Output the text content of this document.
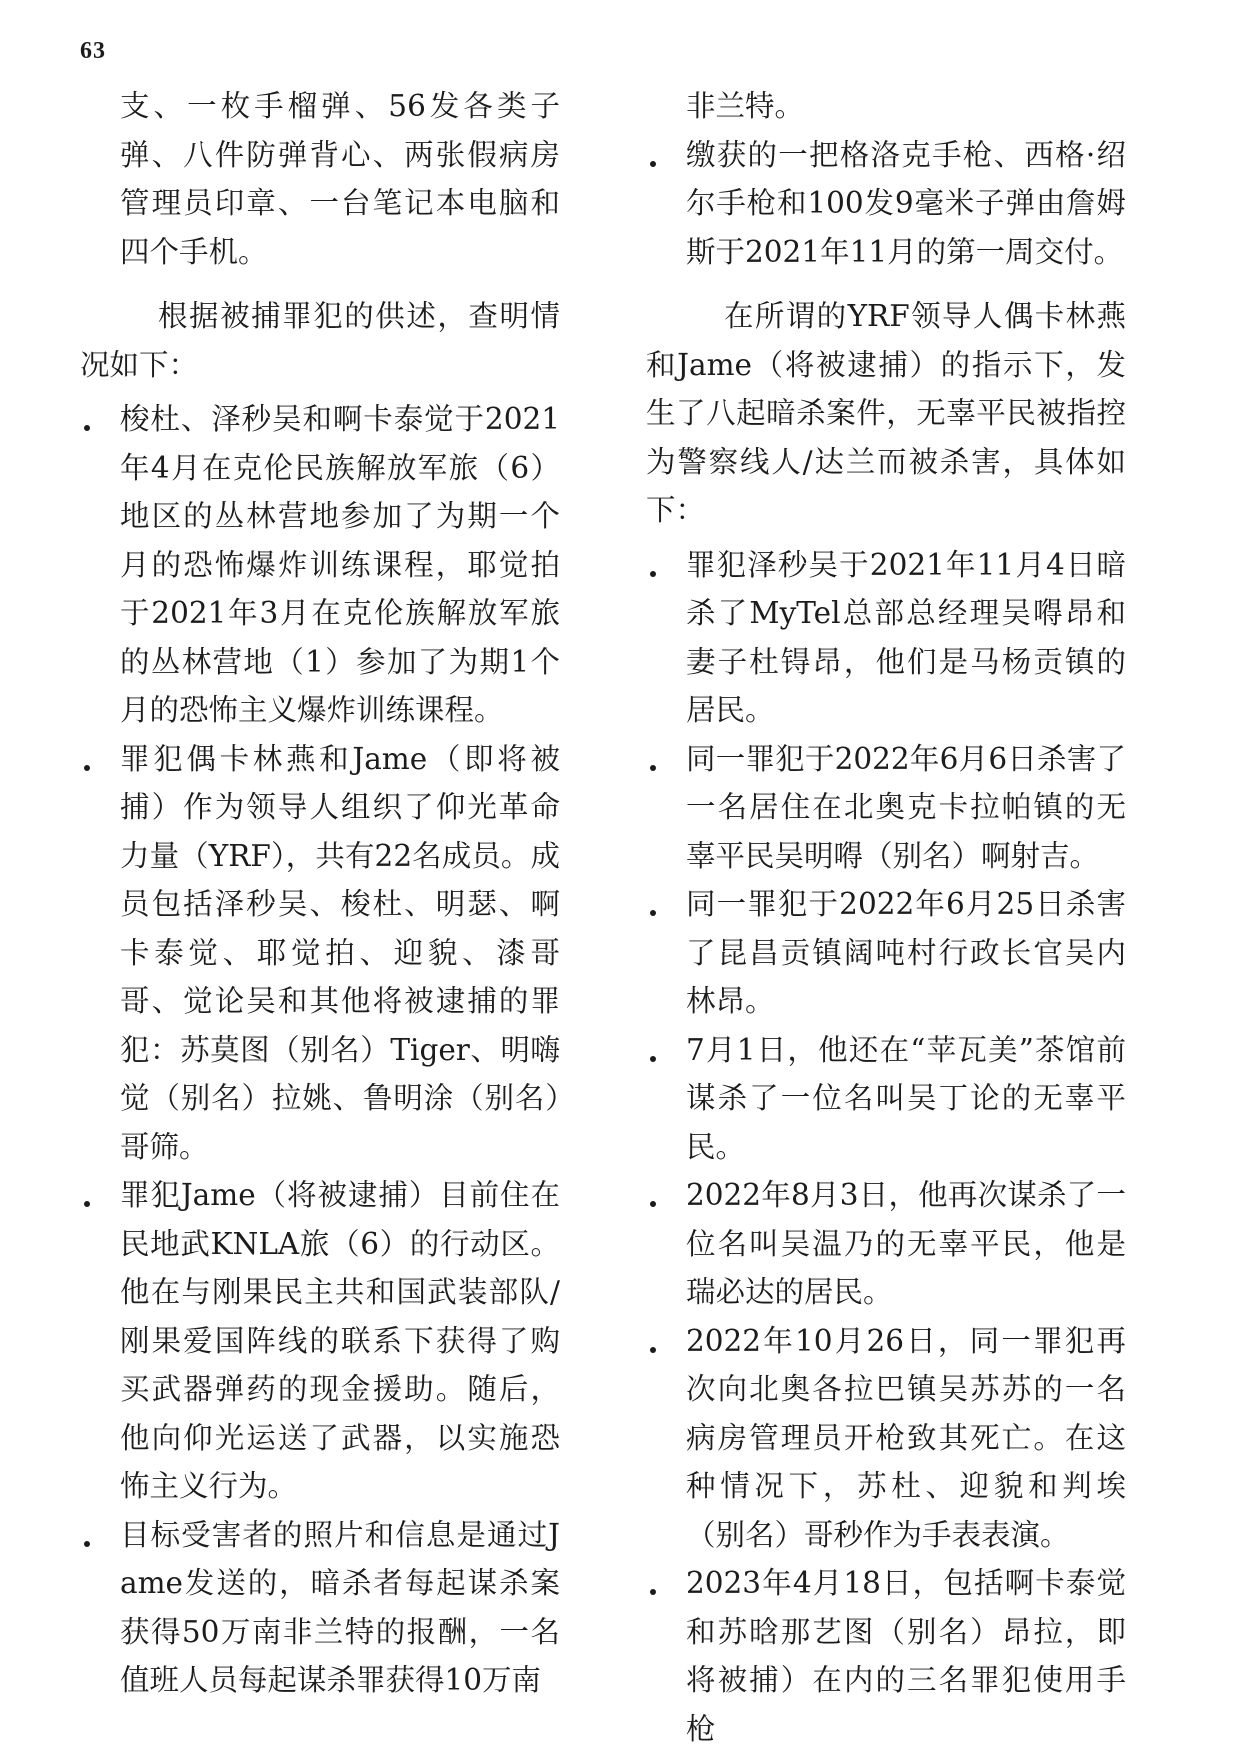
63

支、一枚手榴弹、56发各类子弹、八件防弹背心、两张假病房管理员印章、一台笔记本电脑和四个手机。

根据被捕罪犯的供述，查明情况如下：

梭杜、泽秒吴和啊卡泰觉于2021年4月在克伦民族解放军旅（6）地区的丛林营地参加了为期一个月的恐怖爆炸训练课程，耶觉拍于2021年3月在克伦族解放军旅的丛林营地（1）参加了为期1个月的恐怖主义爆炸训练课程。
罪犯偶卡林燕和Jame（即将被捕）作为领导人组织了仰光革命力量（YRF），共有22名成员。成员包括泽秒吴、梭杜、明瑟、啊卡泰觉、耶觉拍、迎貌、漆哥哥、觉论吴和其他将被逮捕的罪犯：苏莫图（别名）Tiger、明嗨觉（别名）拉姚、鲁明涂（别名）哥筛。
罪犯Jame（将被逮捕）目前住在民地武KNLA旅（6）的行动区。他在与刚果民主共和国武装部队/刚果爱国阵线的联系下获得了购买武器弹药的现金援助。随后，他向仰光运送了武器，以实施恐怖主义行为。
目标受害者的照片和信息是通过Jame发送的，暗杀者每起谋杀案获得50万南非兰特的报酬，一名值班人员每起谋杀罪获得10万南

非兰特。

缴获的一把格洛克手枪、西格·绍尔手枪和100发9毫米子弹由詹姆斯于2021年11月的第一周交付。

在所谓的YRF领导人偶卡林燕和Jame（将被逮捕）的指示下，发生了八起暗杀案件，无辜平民被指控为警察线人/达兰而被杀害，具体如下：

罪犯泽秒吴于2021年11月4日暗杀了MyTel总部总经理吴嘚昂和妻子杜锝昂，他们是马杨贡镇的居民。
同一罪犯于2022年6月6日杀害了一名居住在北奥克卡拉帕镇的无辜平民吴明嘚（别名）啊射吉。
同一罪犯于2022年6月25日杀害了昆昌贡镇阔吨村行政长官吴内林昂。
7月1日，他还在“苹瓦美”茶馆前谋杀了一位名叫吴丁论的无辜平民。
2022年8月3日，他再次谋杀了一位名叫吴温乃的无辜平民，他是瑞必达的居民。
2022年10月26日，同一罪犯再次向北奥各拉巴镇吴苏苏的一名病房管理员开枪致其死亡。在这种情况下，苏杜、迎貌和判埃（别名）哥秒作为手表表演。
2023年4月18日，包括啊卡泰觉和苏晗那艺图（别名）昂拉，即将被捕）在内的三名罪犯使用手枪
